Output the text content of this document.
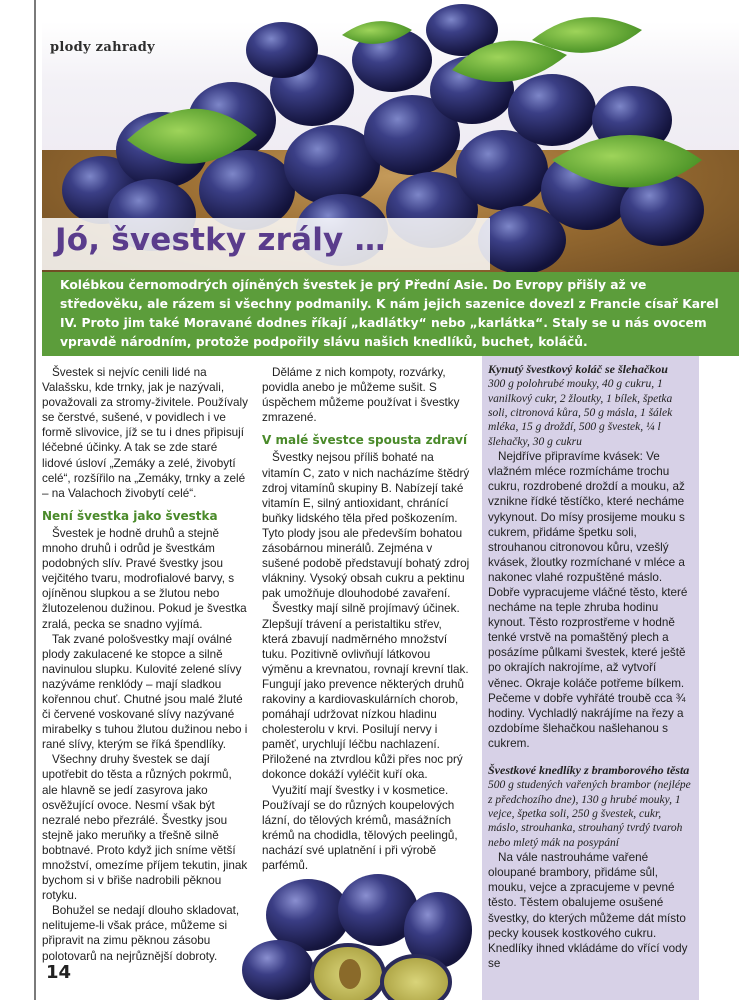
plody zahrady
Jó, švestky zrály …
Kolébkou černomodrých ojíněných švestek je prý Přední Asie. Do Evropy přišly až ve středověku, ale rázem si všechny podmanily. K nám jejich sazenice dovezl z Francie císař Karel IV. Proto jim také Moravané dodnes říkají „kadlátky“ nebo „karlátka“. Staly se u nás ovocem vpravdě národním, protože podpořily slávu našich knedlíků, buchet, koláčů.

Švestek si nejvíc cenili lidé na Valašsku, kde trnky, jak je nazývali, považovali za stromy-živitele. Používaly se čerstvé, sušené, v povidlech i ve formě slivovice, jíž se tu i dnes připisují léčebné účinky. A tak se zde staré lidové úsloví „Zemáky a zelé, živobytí celé“, rozšířilo na „Zemáky, trnky a zelé – na Valachoch živobytí celé“.

Není švestka jako švestka

Švestek je hodně druhů a stejně mnoho druhů i odrůd je švestkám podobných slív. Pravé švestky jsou vejčitého tvaru, modrofialové barvy, s ojíněnou slupkou a se žlutou nebo žlutozelenou dužinou. Pokud je švestka zralá, pecka se snadno vyjímá.

Tak zvané pološvestky mají oválné plody zakulacené ke stopce a silně navinulou slupku. Kulovité zelené slívy nazýváme renklódy – mají sladkou kořennou chuť. Chutné jsou malé žluté či červené voskované slívy nazývané mirabelky s tuhou žlutou dužinou nebo i rané slívy, kterým se říká špendlíky.

Všechny druhy švestek se dají upotřebit do těsta a různých pokrmů, ale hlavně se jedí zasyrova jako osvěžující ovoce. Nesmí však být nezralé nebo přezrálé. Švestky jsou stejně jako meruňky a třešně silně bobtnavé. Proto když jich sníme větší množství, omezíme příjem tekutin, jinak bychom si v břiše nadrobili pěknou rotyku.

Bohužel se nedají dlouho skladovat, nelitujeme-li však práce, můžeme si připravit na zimu pěknou zásobu polotovarů na nejrůznější dobroty.

Děláme z nich kompoty, rozvárky, povidla anebo je můžeme sušit. S úspěchem můžeme používat i švestky zmrazené.

V malé švestce spousta zdraví

Švestky nejsou příliš bohaté na vitamín C, zato v nich nacházíme štědrý zdroj vitamínů skupiny B. Nabízejí také vitamín E, silný antioxidant, chránící buňky lidského těla před poškozením. Tyto plody jsou ale především bohatou zásobárnou minerálů. Zejména v sušené podobě představují bohatý zdroj vlákniny. Vysoký obsah cukru a pektinu pak umožňuje dlouhodobé zavaření.

Švestky mají silně projímavý účinek. Zlepšují trávení a peristaltiku střev, která zbavují nadměrného množství tuku. Pozitivně ovlivňují látkovou výměnu a krevnatou, rovnají krevní tlak. Fungují jako prevence některých druhů rakoviny a kardiovaskulárních chorob, pomáhají udržovat nízkou hladinu cholesterolu v krvi. Posilují nervy i paměť, urychlují léčbu nachlazení. Přiložené na ztvrdlou kůži přes noc prý dokonce dokáží vyléčit kuří oka.

Využití mají švestky i v kosmetice. Používají se do různých koupelových lázní, do tělových krémů, masážních krémů na chodidla, tělových peelingů, nachází své uplatnění i při výrobě parfémů.

Kynutý švestkový koláč se šlehačkou

300 g polohrubé mouky, 40 g cukru, 1 vanilkový cukr, 2 žloutky, 1 bílek, špetka soli, citronová kůra, 50 g másla, 1 šálek mléka, 15 g droždí, 500 g švestek, ¼ l šlehačky, 30 g cukru

Nejdříve připravíme kvásek: Ve vlažném mléce rozmícháme trochu cukru, rozdrobené droždí a mouku, až vznikne řídké těstíčko, které necháme vykynout. Do mísy prosijeme mouku s cukrem, přidáme špetku soli, strouhanou citronovou kůru, vzešlý kvásek, žloutky rozmíchané v mléce a nakonec vlahé rozpuštěné máslo. Dobře vypracujeme vláčné těsto, které necháme na teple zhruba hodinu kynout. Těsto rozprostřeme v hodně tenké vrstvě na pomaštěný plech a posázíme půlkami švestek, které ještě po okrajích nakrojíme, až vytvoří věnec. Okraje koláče potřeme bílkem. Pečeme v dobře vyhřáté troubě cca ¾ hodiny. Vychladlý nakrájíme na řezy a ozdobíme šlehačkou našlehanou s cukrem.

Švestkové knedlíky z bramborového těsta

500 g studených vařených brambor (nejlépe z předchozího dne), 130 g hrubé mouky, 1 vejce, špetka soli, 250 g švestek, cukr, máslo, strouhanka, strouhaný tvrdý tvaroh nebo mletý mák na posypání

Na vále nastrouháme vařené oloupané brambory, přidáme sůl, mouku, vejce a zpracujeme v pevné těsto. Těstem obalujeme osušené švestky, do kterých můžeme dát místo pecky kousek kostkového cukru. Knedlíky ihned vkládáme do vřící vody se

14
